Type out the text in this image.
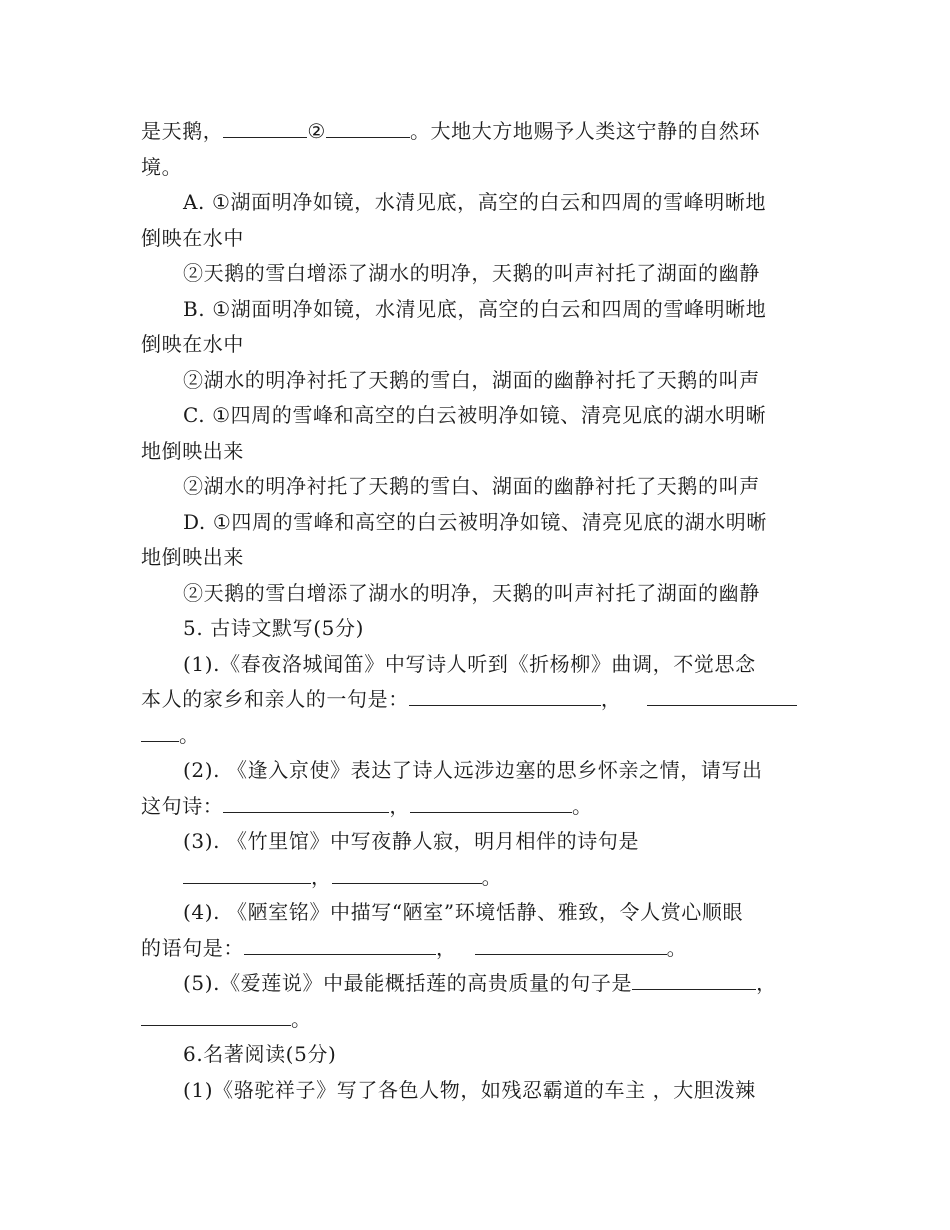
是天鹅，	②	。大地大方地赐予人类这宁静的自然环
境。
A. ①湖面明净如镜，水清见底，高空的白云和四周的雪峰明晰地
倒映在水中
②天鹅的雪白增添了湖水的明净，天鹅的叫声衬托了湖面的幽静
B. ①湖面明净如镜，水清见底，高空的白云和四周的雪峰明晰地
倒映在水中
②湖水的明净衬托了天鹅的雪白，湖面的幽静衬托了天鹅的叫声
C. ①四周的雪峰和高空的白云被明净如镜、清亮见底的湖水明晰
地倒映出来
②湖水的明净衬托了天鹅的雪白、湖面的幽静衬托了天鹅的叫声
D. ①四周的雪峰和高空的白云被明净如镜、清亮见底的湖水明晰
地倒映出来
②天鹅的雪白增添了湖水的明净，天鹅的叫声衬托了湖面的幽静
5. 古诗文默写(5分)
(1).《春夜洛城闻笛》中写诗人听到《折杨柳》曲调，不觉思念
本人的家乡和亲人的一句是：	，
。
(2). 《逢入京使》表达了诗人远涉边塞的思乡怀亲之情，请写出
这句诗：	，	。
(3). 《竹里馆》中写夜静人寂，明月相伴的诗句是
，	。
(4). 《陋室铭》中描写“陋室”环境恬静、雅致，令人赏心顺眼
的语句是：	，	。
(5).《爱莲说》中最能概括莲的高贵质量的句子是	，
。
6.名著阅读(5分)
(1)《骆驼祥子》写了各色人物，如残忍霸道的车主 ，大胆泼辣
